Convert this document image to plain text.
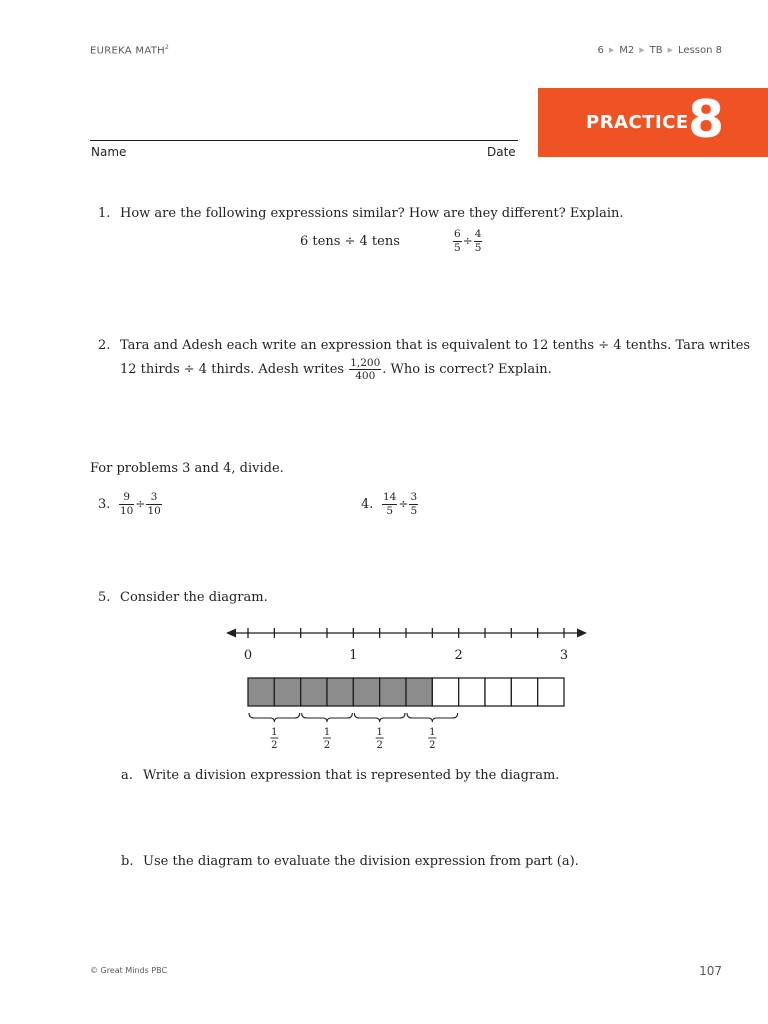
EUREKA MATH$^2$	6 ▶ M2 ▶ TB ▶ Lesson 8
PRACTICE 8
Name	Date
1. How are the following expressions similar? How are they different? Explain.
6 tens ÷ 4 tens	$\frac{6}{5} \div \frac{4}{5}$
2. Tara and Adesh each write an expression that is equivalent to 12 tenths ÷ 4 tenths. Tara writes
12 thirds ÷ 4 thirds. Adesh writes $\frac{1,200}{400}$ . Who is correct? Explain.
For problems 3 and 4, divide.
3. $\frac{9}{10} \div \frac{3}{10}$	4. $\frac{14}{5} \div \frac{3}{5}$
5. Consider the diagram.
0	1	2	3
1
2
1
2
1
2
1
2
a. Write a division expression that is represented by the diagram.
b. Use the diagram to evaluate the division expression from part (a).
© Great Minds PBC	107
